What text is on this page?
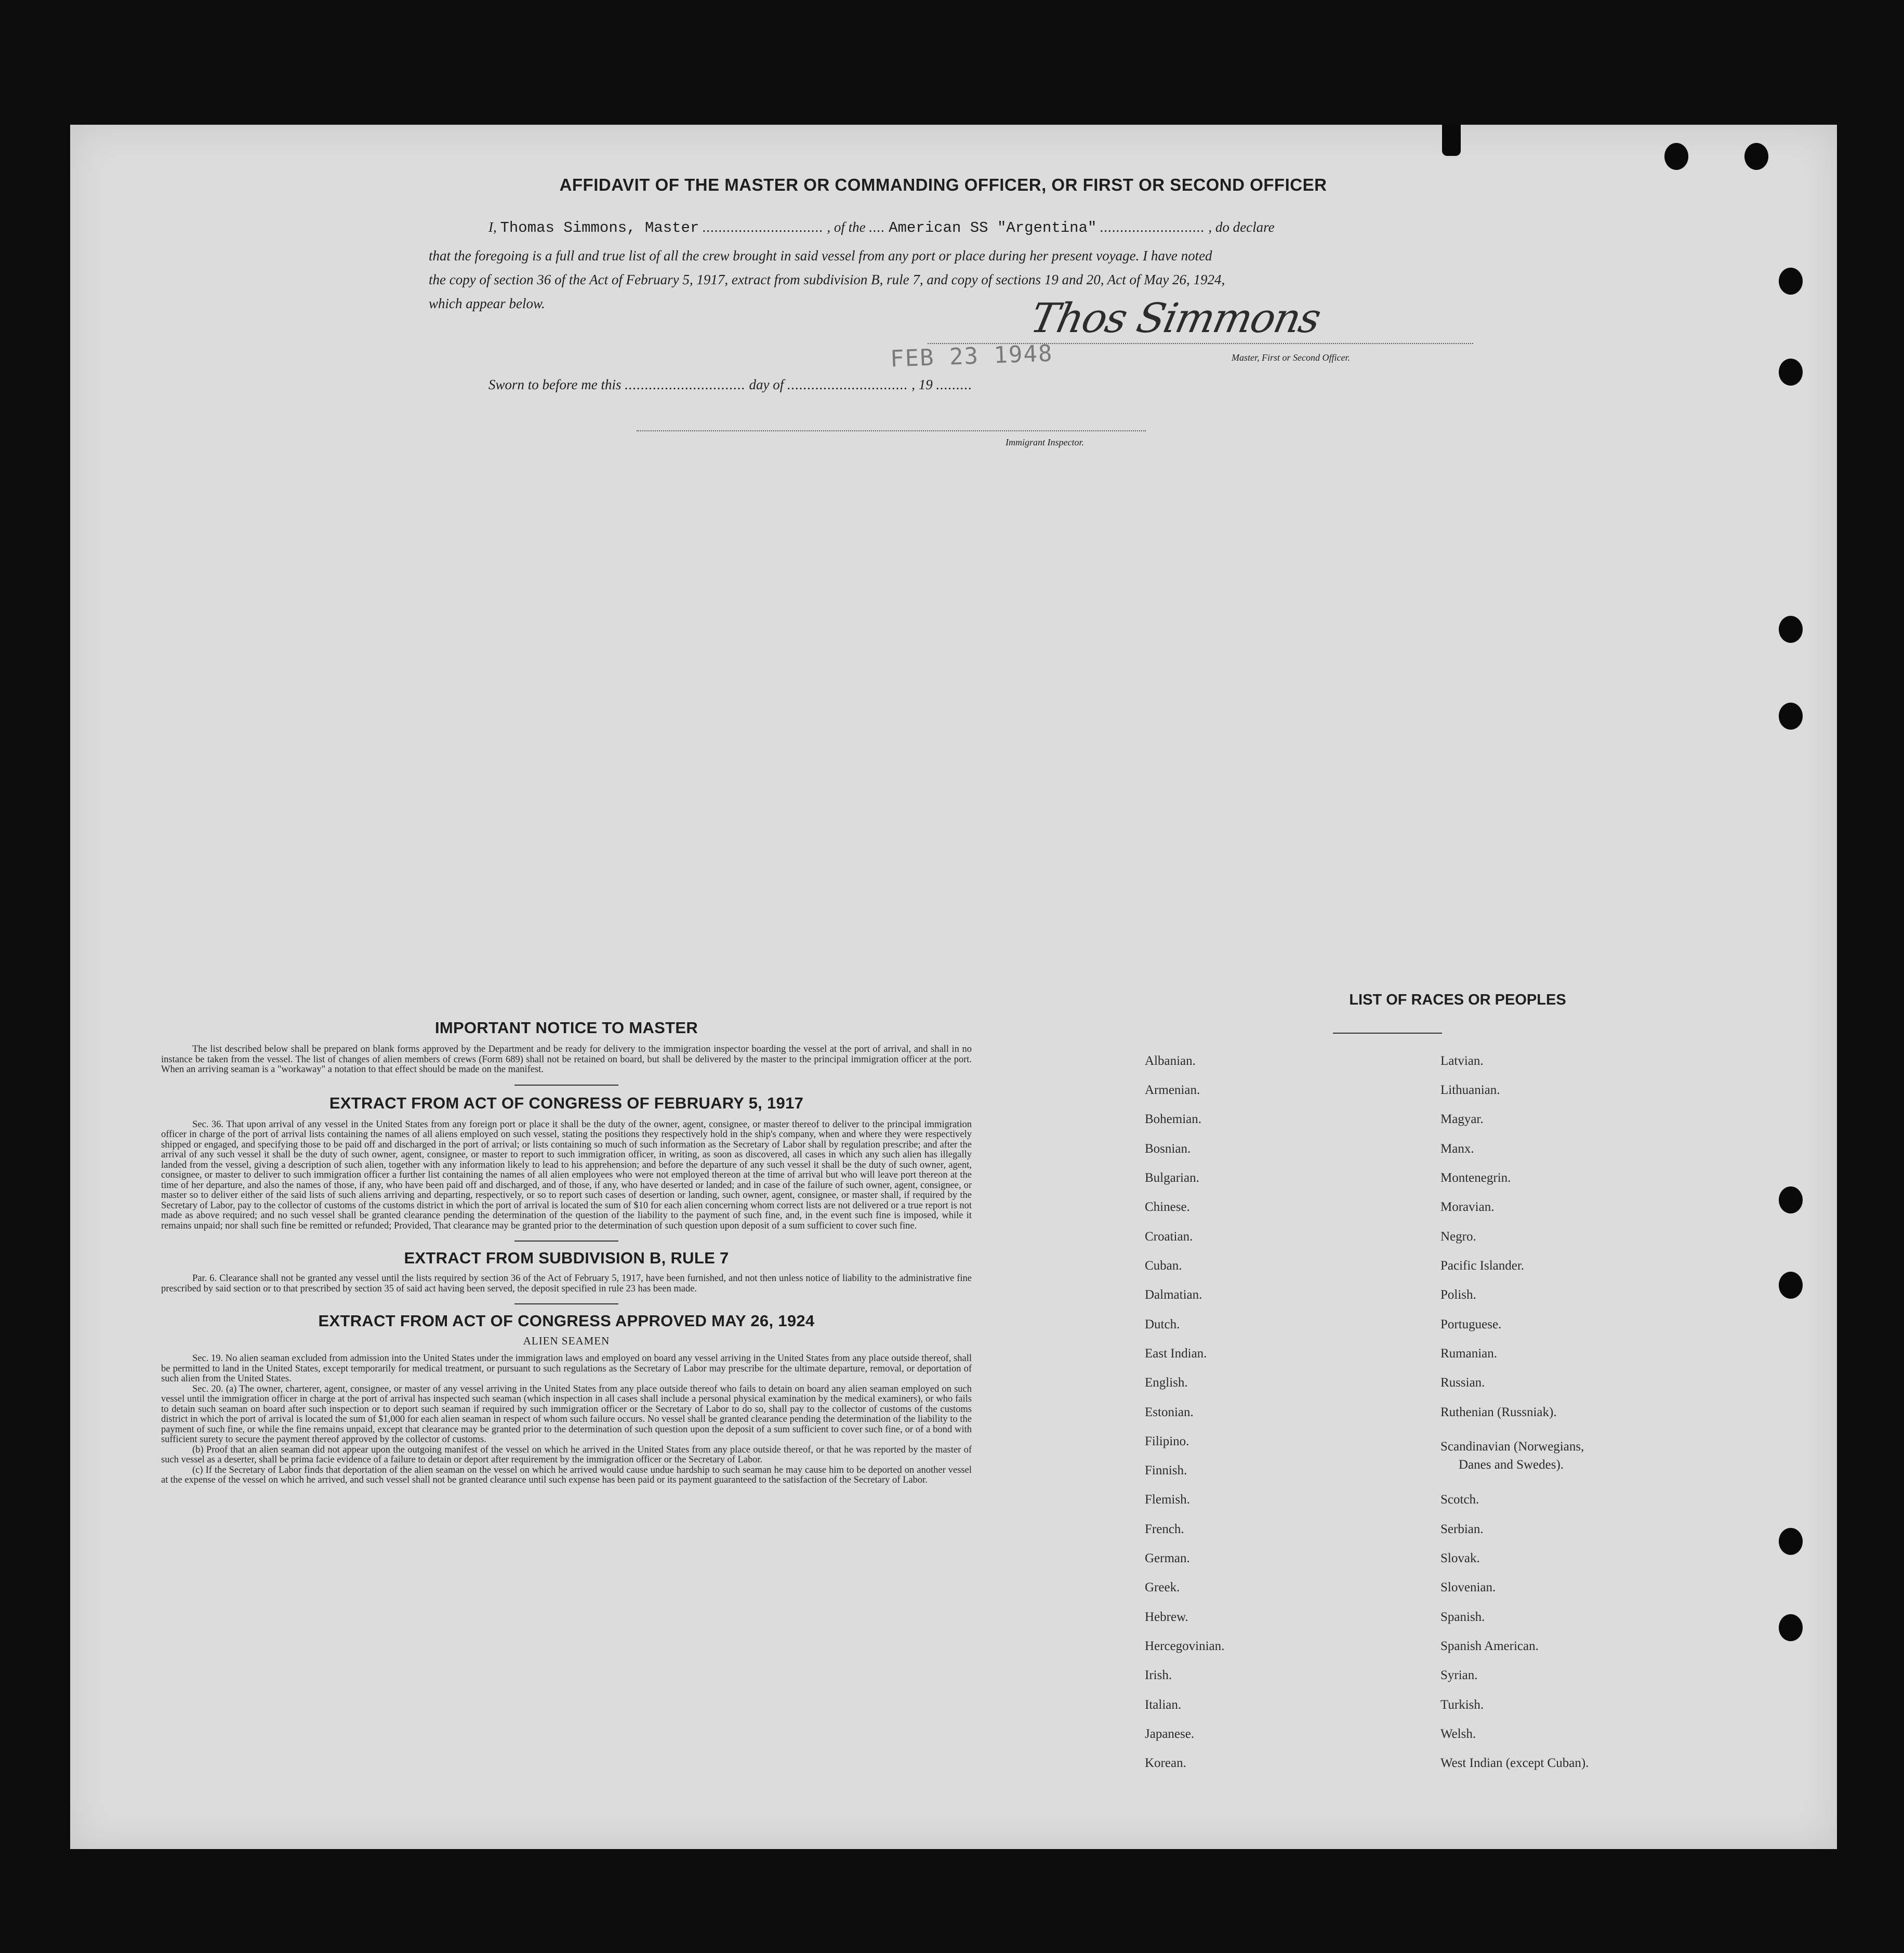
AFFIDAVIT OF THE MASTER OR COMMANDING OFFICER, OR FIRST OR SECOND OFFICER
I, Thomas Simmons, Master .............................. , of the .... American SS "Argentina" .......................... , do declare
that the foregoing is a full and true list of all the crew brought in said vessel from any port or place during her present voyage. I have noted
the copy of section 36 of the Act of February 5, 1917, extract from subdivision B, rule 7, and copy of sections 19 and 20, Act of May 26, 1924,
which appear below.	Thos Simmons
FEB 23 1948	Master, First or Second Officer.
Sworn to before me this .............................. day of .............................. , 19 .........
Immigrant Inspector.
IMPORTANT NOTICE TO MASTER

The list described below shall be prepared on blank forms approved by the Department and be ready for delivery to the immigration inspector boarding the vessel at the port of arrival, and shall in no instance be taken from the vessel. The list of changes of alien members of crews (Form 689) shall not be retained on board, but shall be delivered by the master to the principal immigration officer at the port. When an arriving seaman is a "workaway" a notation to that effect should be made on the manifest.

EXTRACT FROM ACT OF CONGRESS OF FEBRUARY 5, 1917

Sec. 36. That upon arrival of any vessel in the United States from any foreign port or place it shall be the duty of the owner, agent, consignee, or master thereof to deliver to the principal immigration officer in charge of the port of arrival lists containing the names of all aliens employed on such vessel, stating the positions they respectively hold in the ship's company, when and where they were respectively shipped or engaged, and specifying those to be paid off and discharged in the port of arrival; or lists containing so much of such information as the Secretary of Labor shall by regulation prescribe; and after the arrival of any such vessel it shall be the duty of such owner, agent, consignee, or master to report to such immigration officer, in writing, as soon as discovered, all cases in which any such alien has illegally landed from the vessel, giving a description of such alien, together with any information likely to lead to his apprehension; and before the departure of any such vessel it shall be the duty of such owner, agent, consignee, or master to deliver to such immigration officer a further list containing the names of all alien employees who were not employed thereon at the time of arrival but who will leave port thereon at the time of her departure, and also the names of those, if any, who have been paid off and discharged, and of those, if any, who have deserted or landed; and in case of the failure of such owner, agent, consignee, or master so to deliver either of the said lists of such aliens arriving and departing, respectively, or so to report such cases of desertion or landing, such owner, agent, consignee, or master shall, if required by the Secretary of Labor, pay to the collector of customs of the customs district in which the port of arrival is located the sum of $10 for each alien concerning whom correct lists are not delivered or a true report is not made as above required; and no such vessel shall be granted clearance pending the determination of the question of the liability to the payment of such fine, and, in the event such fine is imposed, while it remains unpaid; nor shall such fine be remitted or refunded; Provided, That clearance may be granted prior to the determination of such question upon deposit of a sum sufficient to cover such fine.

EXTRACT FROM SUBDIVISION B, RULE 7

Par. 6. Clearance shall not be granted any vessel until the lists required by section 36 of the Act of February 5, 1917, have been furnished, and not then unless notice of liability to the administrative fine prescribed by said section or to that prescribed by section 35 of said act having been served, the deposit specified in rule 23 has been made.

EXTRACT FROM ACT OF CONGRESS APPROVED MAY 26, 1924
ALIEN SEAMEN

Sec. 19. No alien seaman excluded from admission into the United States under the immigration laws and employed on board any vessel arriving in the United States from any place outside thereof, shall be permitted to land in the United States, except temporarily for medical treatment, or pursuant to such regulations as the Secretary of Labor may prescribe for the ultimate departure, removal, or deportation of such alien from the United States.

Sec. 20. (a) The owner, charterer, agent, consignee, or master of any vessel arriving in the United States from any place outside thereof who fails to detain on board any alien seaman employed on such vessel until the immigration officer in charge at the port of arrival has inspected such seaman (which inspection in all cases shall include a personal physical examination by the medical examiners), or who fails to detain such seaman on board after such inspection or to deport such seaman if required by such immigration officer or the Secretary of Labor to do so, shall pay to the collector of customs of the customs district in which the port of arrival is located the sum of $1,000 for each alien seaman in respect of whom such failure occurs. No vessel shall be granted clearance pending the determination of the liability to the payment of such fine, or while the fine remains unpaid, except that clearance may be granted prior to the determination of such question upon the deposit of a sum sufficient to cover such fine, or of a bond with sufficient surety to secure the payment thereof approved by the collector of customs.

(b) Proof that an alien seaman did not appear upon the outgoing manifest of the vessel on which he arrived in the United States from any place outside thereof, or that he was reported by the master of such vessel as a deserter, shall be prima facie evidence of a failure to detain or deport after requirement by the immigration officer or the Secretary of Labor.

(c) If the Secretary of Labor finds that deportation of the alien seaman on the vessel on which he arrived would cause undue hardship to such seaman he may cause him to be deported on another vessel at the expense of the vessel on which he arrived, and such vessel shall not be granted clearance until such expense has been paid or its payment guaranteed to the satisfaction of the Secretary of Labor.

LIST OF RACES OR PEOPLES
Albanian.
Armenian.
Bohemian.
Bosnian.
Bulgarian.
Chinese.
Croatian.
Cuban.
Dalmatian.
Dutch.
East Indian.
English.
Estonian.
Filipino.
Finnish.
Flemish.
French.
German.
Greek.
Hebrew.
Hercegovinian.
Irish.
Italian.
Japanese.
Korean.
Latvian.
Lithuanian.
Magyar.
Manx.
Montenegrin.
Moravian.
Negro.
Pacific Islander.
Polish.
Portuguese.
Rumanian.
Russian.
Ruthenian (Russniak).
Scandinavian (Norwegians,
Danes and Swedes).
Scotch.
Serbian.
Slovak.
Slovenian.
Spanish.
Spanish American.
Syrian.
Turkish.
Welsh.
West Indian (except Cuban).
